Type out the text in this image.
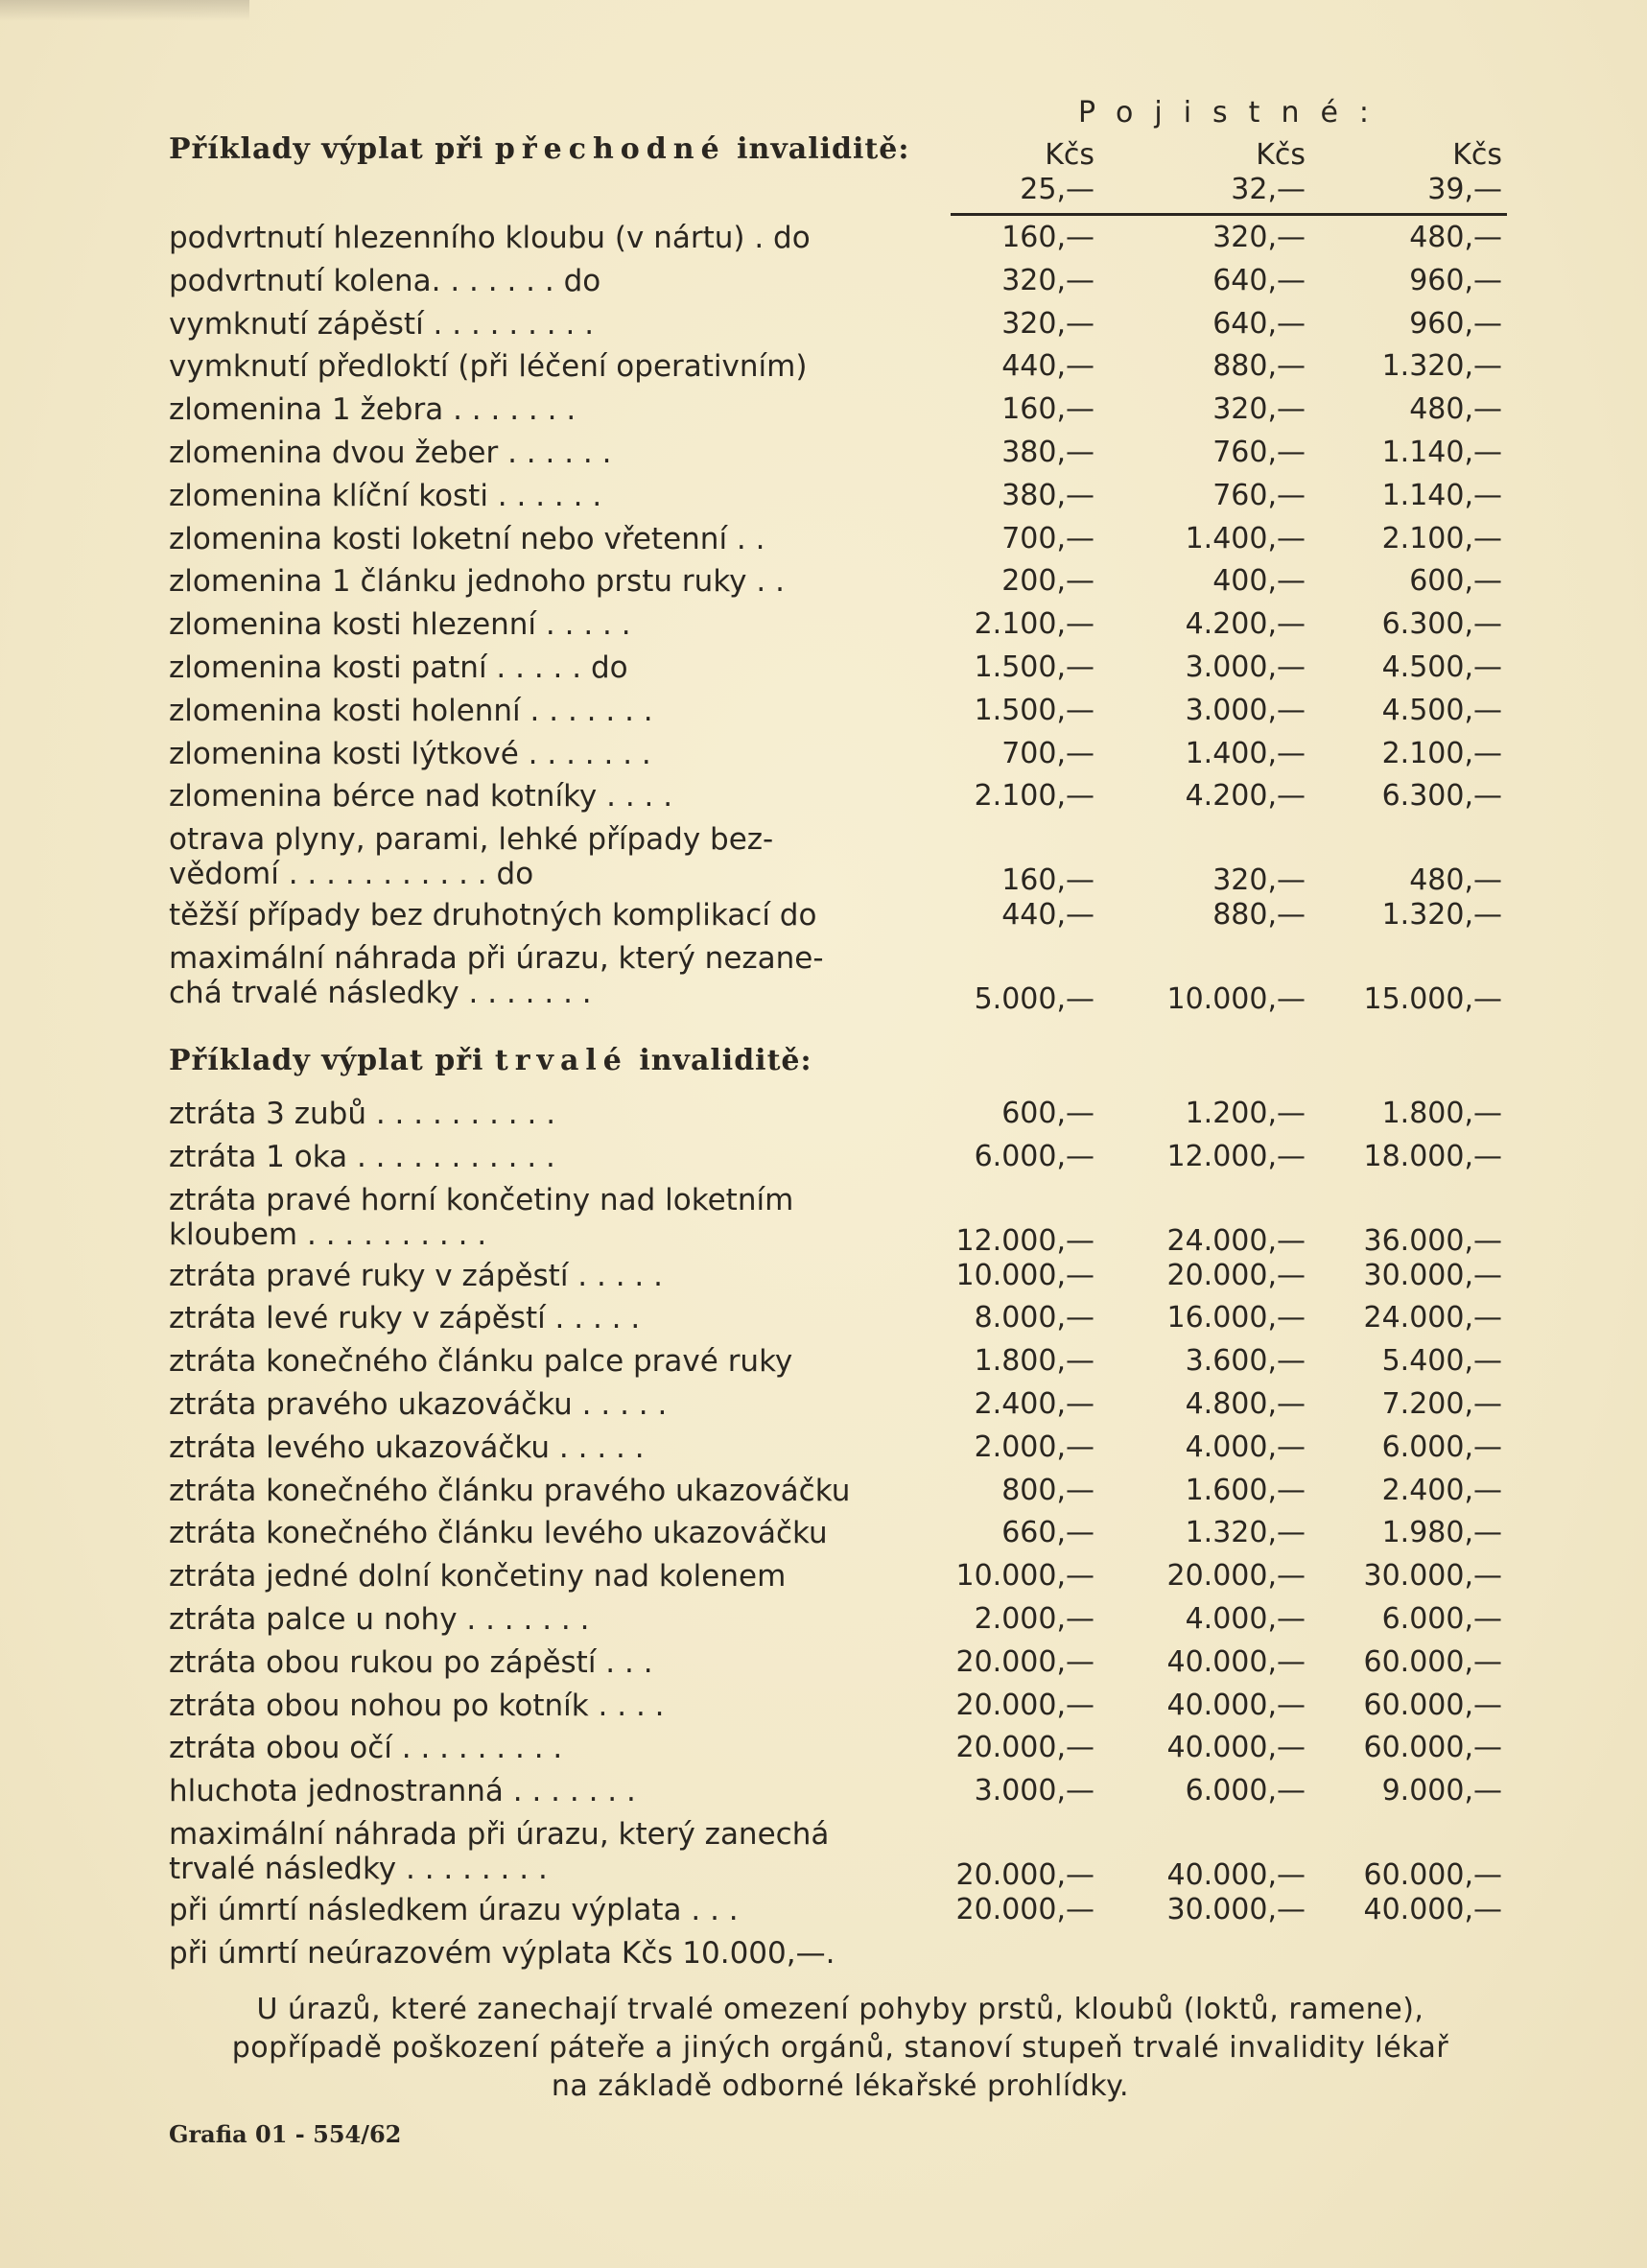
Pojistné:
Příklady výplat při přechodné invaliditě:	Kčs	Kčs	Kčs
25,—	32,—	39,—
podvrtnutí hlezenního kloubu (v nártu) . do	160,—	320,—	480,—
podvrtnutí kolena. . . . . . . do	320,—	640,—	960,—
vymknutí zápěstí . . . . . . . . .	320,—	640,—	960,—
vymknutí předloktí (při léčení operativním)	440,—	880,—	1.320,—
zlomenina 1 žebra . . . . . . .	160,—	320,—	480,—
zlomenina dvou žeber . . . . . .	380,—	760,—	1.140,—
zlomenina klíční kosti . . . . . .	380,—	760,—	1.140,—
zlomenina kosti loketní nebo vřetenní . .	700,—	1.400,—	2.100,—
zlomenina 1 článku jednoho prstu ruky . .	200,—	400,—	600,—
zlomenina kosti hlezenní . . . . .	2.100,—	4.200,—	6.300,—
zlomenina kosti patní . . . . . do	1.500,—	3.000,—	4.500,—
zlomenina kosti holenní . . . . . . .	1.500,—	3.000,—	4.500,—
zlomenina kosti lýtkové . . . . . . .	700,—	1.400,—	2.100,—
zlomenina bérce nad kotníky . . . .	2.100,—	4.200,—	6.300,—
otrava plyny, parami, lehké případy bez-
vědomí . . . . . . . . . . . do	160,—	320,—	480,—
těžší případy bez druhotných komplikací do	440,—	880,—	1.320,—
maximální náhrada při úrazu, který nezane-
chá trvalé následky . . . . . . .	5.000,—	10.000,—	15.000,—
Příklady výplat při trvalé invaliditě:
ztráta 3 zubů . . . . . . . . . .	600,—	1.200,—	1.800,—
ztráta 1 oka . . . . . . . . . . .	6.000,—	12.000,—	18.000,—
ztráta pravé horní končetiny nad loketním
kloubem . . . . . . . . . .	12.000,—	24.000,—	36.000,—
ztráta pravé ruky v zápěstí . . . . .	10.000,—	20.000,—	30.000,—
ztráta levé ruky v zápěstí . . . . .	8.000,—	16.000,—	24.000,—
ztráta konečného článku palce pravé ruky	1.800,—	3.600,—	5.400,—
ztráta pravého ukazováčku . . . . .	2.400,—	4.800,—	7.200,—
ztráta levého ukazováčku . . . . .	2.000,—	4.000,—	6.000,—
ztráta konečného článku pravého ukazováčku	800,—	1.600,—	2.400,—
ztráta konečného článku levého ukazováčku	660,—	1.320,—	1.980,—
ztráta jedné dolní končetiny nad kolenem	10.000,—	20.000,—	30.000,—
ztráta palce u nohy . . . . . . .	2.000,—	4.000,—	6.000,—
ztráta obou rukou po zápěstí . . .	20.000,—	40.000,—	60.000,—
ztráta obou nohou po kotník . . . .	20.000,—	40.000,—	60.000,—
ztráta obou očí . . . . . . . . .	20.000,—	40.000,—	60.000,—
hluchota jednostranná . . . . . . .	3.000,—	6.000,—	9.000,—
maximální náhrada při úrazu, který zanechá
trvalé následky . . . . . . . .	20.000,—	40.000,—	60.000,—
při úmrtí následkem úrazu výplata . . .	20.000,—	30.000,—	40.000,—
při úmrtí neúrazovém výplata Kčs 10.000,—.
U úrazů, které zanechají trvalé omezení pohyby prstů, kloubů (loktů, ramene),
popřípadě poškození páteře a jiných orgánů, stanoví stupeň trvalé invalidity lékař
na základě odborné lékařské prohlídky.
Grafia 01 - 554/62
